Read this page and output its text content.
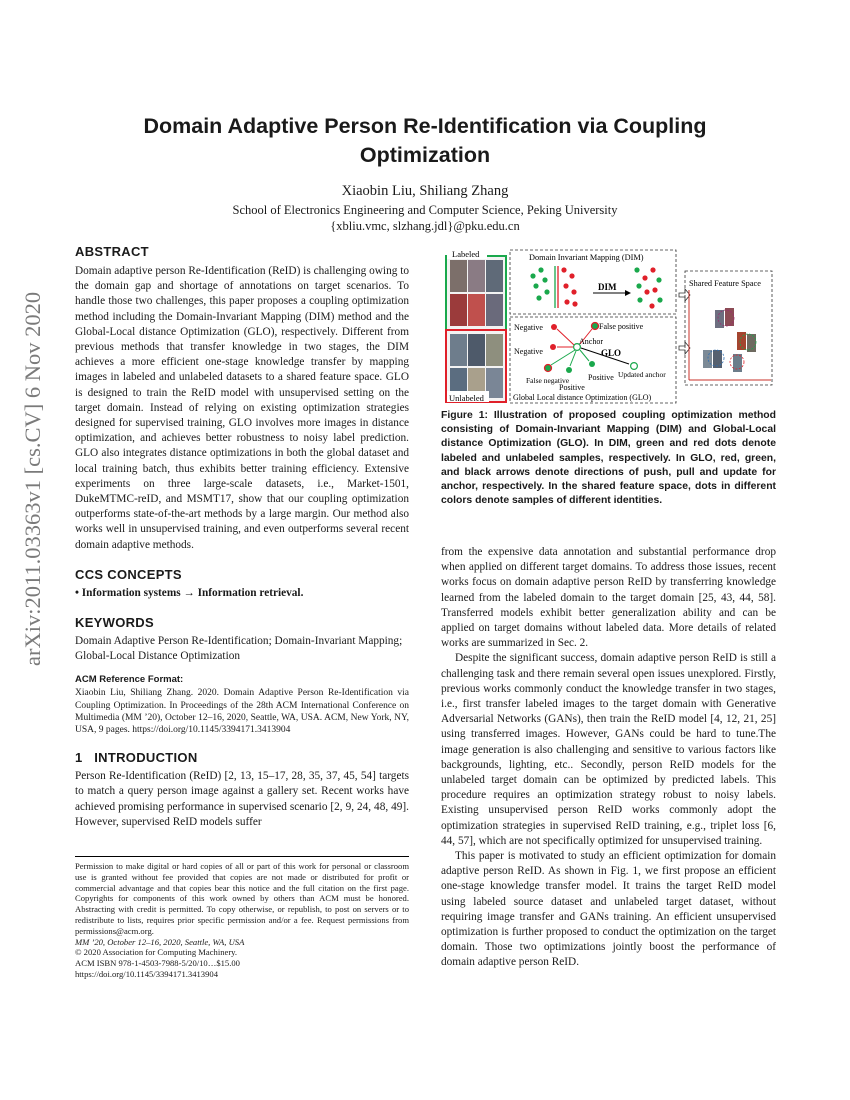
arXiv:2011.03363v1 [cs.CV] 6 Nov 2020
Domain Adaptive Person Re-Identification via Coupling Optimization
Xiaobin Liu, Shiliang Zhang
School of Electronics Engineering and Computer Science, Peking University
{xbliu.vmc, slzhang.jdl}@pku.edu.cn
ABSTRACT

Domain adaptive person Re-Identification (ReID) is challenging owing to the domain gap and shortage of annotations on target scenarios. To handle those two challenges, this paper proposes a coupling optimization method including the Domain-Invariant Mapping (DIM) method and the Global-Local distance Optimization (GLO), respectively. Different from previous methods that transfer knowledge in two stages, the DIM achieves a more efficient one-stage knowledge transfer by mapping images in labeled and unlabeled datasets to a shared feature space. GLO is designed to train the ReID model with unsupervised setting on the target domain. Instead of relying on existing optimization strategies designed for supervised training, GLO involves more images in distance optimization, and achieves better robustness to noisy label prediction. GLO also integrates distance optimizations in both the global dataset and local training batch, thus exhibits better training efficiency. Extensive experiments on three large-scale datasets, i.e., Market-1501, DukeMTMC-reID, and MSMT17, show that our coupling optimization outperforms state-of-the-art methods by a large margin. Our method also works well in unsupervised training, and even outperforms several recent domain adaptive methods.

CCS CONCEPTS

• Information systems → Information retrieval.

KEYWORDS

Domain Adaptive Person Re-Identification; Domain-Invariant Mapping; Global-Local Distance Optimization

ACM Reference Format:

Xiaobin Liu, Shiliang Zhang. 2020. Domain Adaptive Person Re-Identification via Coupling Optimization. In Proceedings of the 28th ACM International Conference on Multimedia (MM ’20), October 12–16, 2020, Seattle, WA, USA. ACM, New York, NY, USA, 9 pages. https://doi.org/10.1145/3394171.3413904

1   INTRODUCTION

Person Re-Identification (ReID) [2, 13, 15–17, 28, 35, 37, 45, 54] targets to match a query person image against a gallery set. Recent works have achieved promising performance in supervised scenario [2, 9, 24, 48, 49]. However, supervised ReID models suffer

Permission to make digital or hard copies of all or part of this work for personal or classroom use is granted without fee provided that copies are not made or distributed for profit or commercial advantage and that copies bear this notice and the full citation on the first page. Copyrights for components of this work owned by others than ACM must be honored. Abstracting with credit is permitted. To copy otherwise, or republish, to post on servers or to redistribute to lists, requires prior specific permission and/or a fee. Request permissions from permissions@acm.org.

MM ’20, October 12–16, 2020, Seattle, WA, USA
© 2020 Association for Computing Machinery.
ACM ISBN 978-1-4503-7988-5/20/10…$15.00
https://doi.org/10.1145/3394171.3413904
Labeled
Unlabeled
Domain Invariant Mapping (DIM)
DIM
Negative
Negative
False positive
Anchor
GLO
False negative
Positive
Positive Updated anchor
Global Local distance Optimization (GLO)
Shared Feature Space

Figure 1: Illustration of proposed coupling optimization method consisting of Domain-Invariant Mapping (DIM) and Global-Local distance Optimization (GLO). In DIM, green and red dots denote labeled and unlabeled samples, respectively. In GLO, red, green, and black arrows denote directions of push, pull and update for anchor, respectively. In the shared feature space, dots in different colors denote samples of different identities.

from the expensive data annotation and substantial performance drop when applied on different target domains. To address those issues, recent works focus on domain adaptive person ReID by transferring knowledge learned from the labeled domain to the target domain [25, 43, 44, 58]. Transferred models exhibit better generalization ability and can be applied on target domains without labeled data. More details of related works are summarized in Sec. 2.

Despite the significant success, domain adaptive person ReID is still a challenging task and there remain several open issues unexplored. Firstly, previous works commonly conduct the knowledge transfer in two stages, i.e., first transfer labeled images to the target domain with Generative Adversarial Networks (GANs), then train the ReID model [4, 12, 21, 25] using transferred images. However, GANs could be hard to tune.The image generation is also challenging and sensitive to various factors like backgrounds, lighting, etc.. Secondly, person ReID models for the unlabeled target domain can be optimized by predicted labels. This procedure requires an optimization strategy robust to noisy labels. Existing unsupervised person ReID works commonly adopt the optimization strategies in supervised ReID training, e.g., triplet loss [6, 44, 57], which are not specifically optimized for unsupervised training.

This paper is motivated to study an efficient optimization for domain adaptive person ReID. As shown in Fig. 1, we first propose an efficient one-stage knowledge transfer model. It trains the target ReID model using labeled source dataset and unlabeled target dataset, without requiring image transfer and GANs training. An efficient unsupervised optimization is further proposed to conduct the optimization on the target domain. Those two optimizations jointly boost the performance of domain adaptive person ReID.
